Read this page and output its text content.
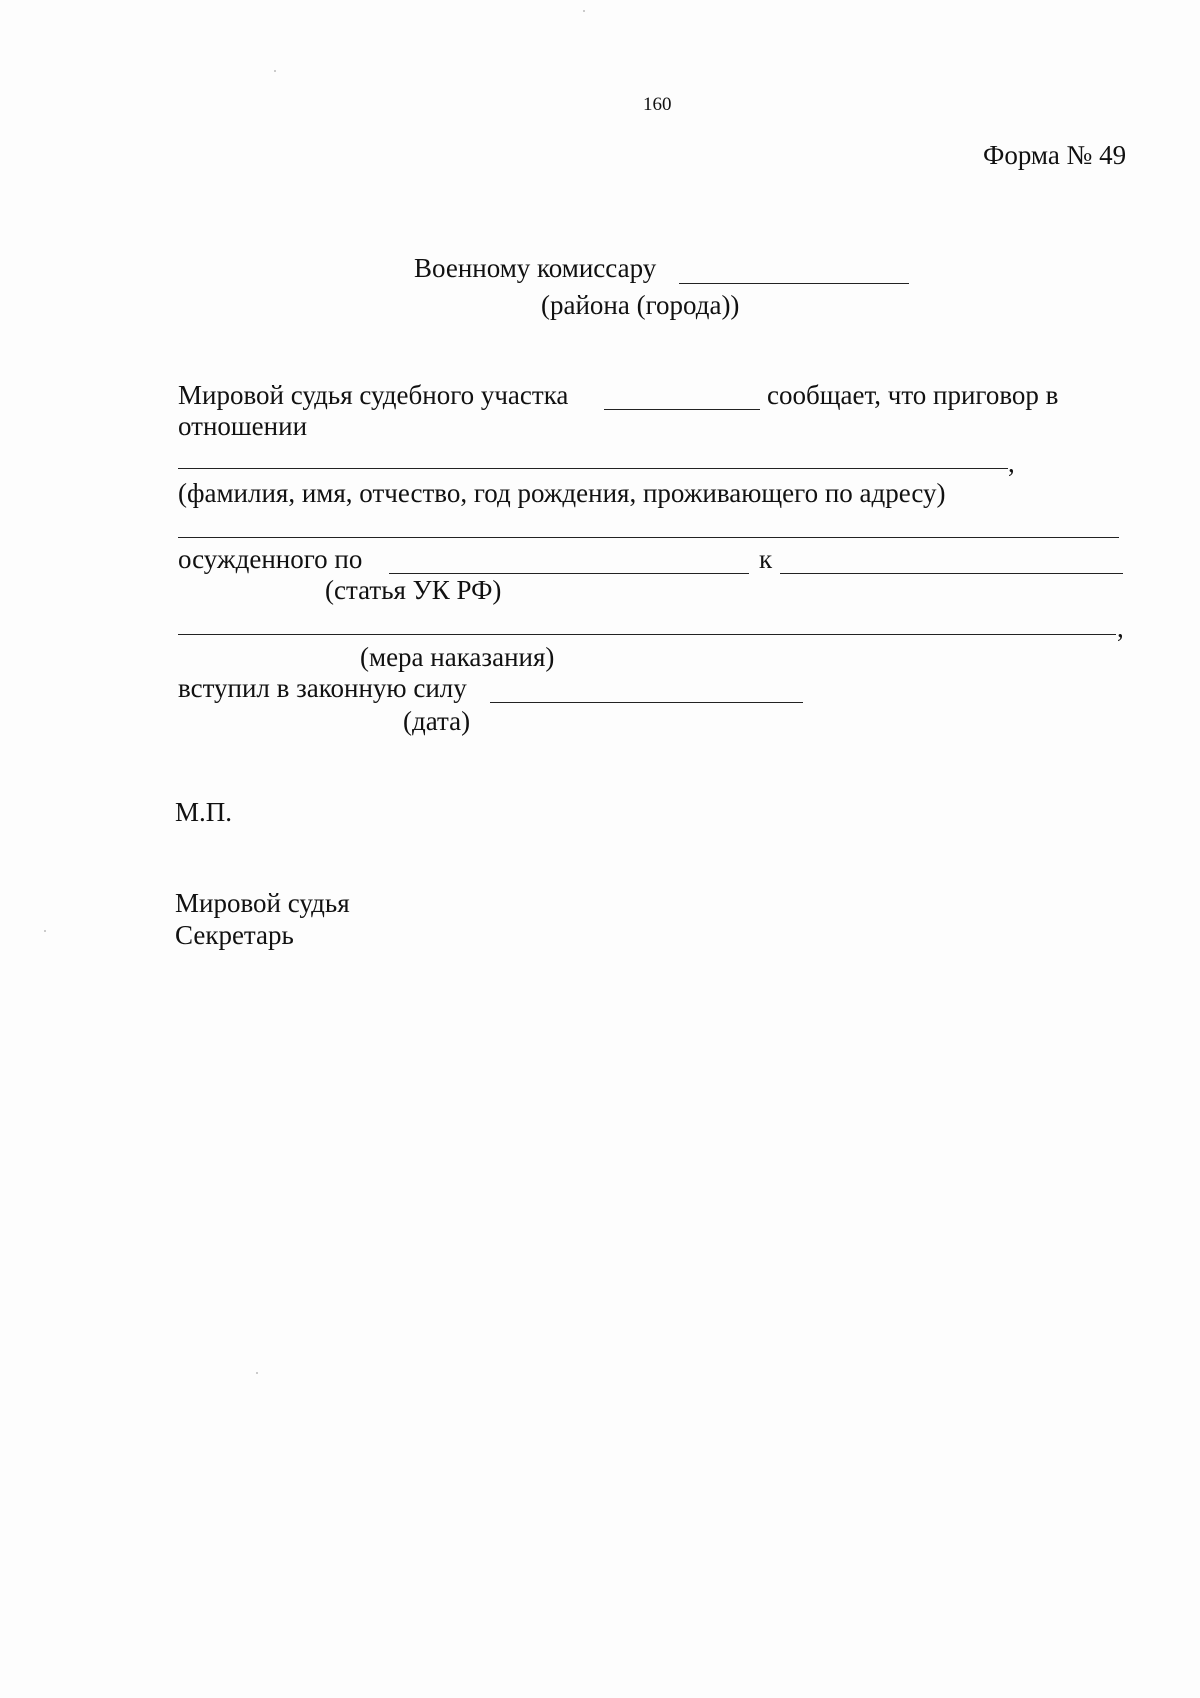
160
Форма № 49
Военному комиссару
(района (города))
Мировой судья судебного участка	сообщает, что приговор в
отношении
,
(фамилия, имя, отчество, год рождения, проживающего по адресу)
осужденного по	к
(статья УК РФ)
,
(мера наказания)
вступил в законную силу
(дата)
М.П.
Мировой судья
Секретарь
